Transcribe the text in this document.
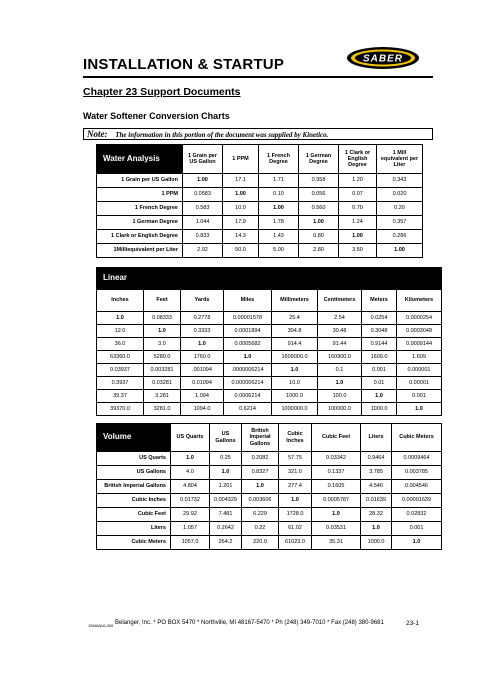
INSTALLATION & STARTUP	SABER
Chapter 23 Support Documents
Water Softener Conversion Charts
Note: The information in this portion of the document was supplied by Kinetico.
Water Analysis	1 Grain per US Gallon	1 PPM	1 French Degree	1 German Degree	1 Clark or English Degree	1 Mill equivalent per Liter
1 Grain per US Gallon	1.00	17.1	1.71	0.958	1.20	0.343
1 PPM	0.0583	1.00	0.10	0.056	0.07	0.020
1 French Degree	0.583	10.0	1.00	0.560	0.70	0.20
1 German Degree	1.044	17.9	1.78	1.00	1.24	0.357
1 Clark or English Degree	0.833	14.3	1.43	0.80	1.00	0.286
1Milliequivalent per Liter	2.92	50.0	5.00	2.80	3.50	1.00
Linear							
Inches	Feet	Yards	Miles	Millimeters	Centimeters	Meters	Kilometers
1.0	0.08333	0.2778	0.00001578	25.4	2.54	0.0254	0.0000254
12.0	1.0	0.3333	0.0001894	304.8	30.48	0.3048	0.0003048
36.0	3.0	1.0	0.0005682	914.4	91.44	0.9144	0.0009144
63360.0	5280.0	1760.0	1.0	1609000.0	160900.0	1609.0	1.609
0.03937	0.003281	.001094	.0000006214	1.0	0.1	0.001	0.000001
0.3937	0.03281	0.01094	0.000006214	10.0	1.0	0.01	0.00001
39.37	3.281	1.094	0.0006214	1000.0	100.0	1.0	0.001
39370.0	3281.0	1094.0	0.6214	1000000.0	100000.0	1000.0	1.0
Volume	US Quarts	US Gallons	British Imperial Gallons	Cubic Inches	Cubic Feet	Liters	Cubic Meters
US Quarts	1.0	0.25	0.2082	57.75	0.03342	0.9464	0.0009464
US Gallons	4.0	1.0	0.8327	321.0	0.1337	3.785	0.003785
British Imperial Gallons	4.804	1.201	1.0	277.4	0.1605	4.546	0.004546
Cubic Inches	0.01732	0.004329	0.003606	1.0	0.0005787	0.01639	0.00001639
Cubic Feet	29.92	7.481	6.229	1728.0	1.0	28.32	0.02832
Liters	1.057	0.2642	0.22	61.02	0.03531	1.0	0.001
Cubic Meters	1057.0	264.2	220.0	61023.0	35.31	1000.0	1.0
15MANUL269 Belanger, Inc. * PO BOX 5470 * Northville, MI 48167-5470 * Ph (248) 349-7010 * Fax (248) 380-9681	23-1
